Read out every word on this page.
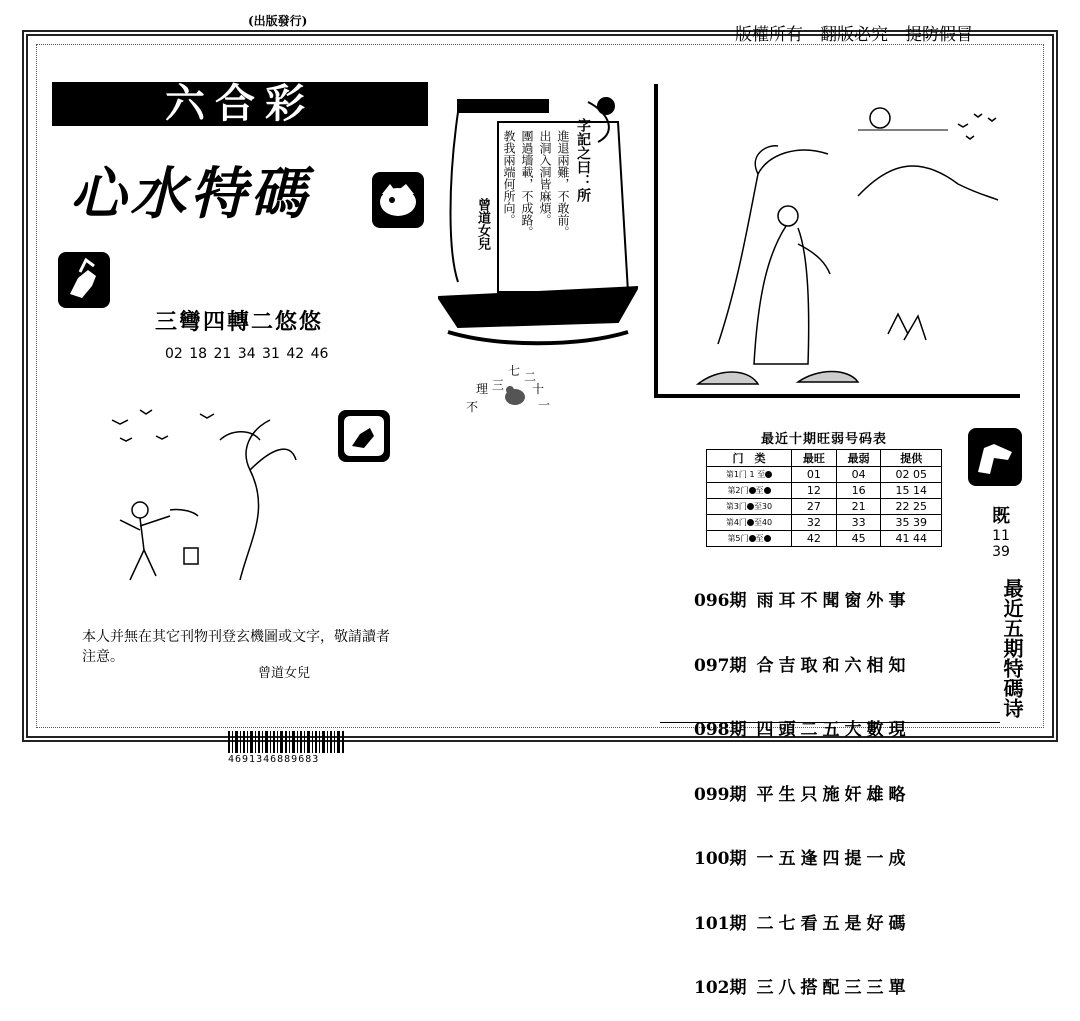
(出版發行)
版權所有　翻版必究　提防假冒
六合彩
心水特碼
三彎四轉二悠悠
02 18 21 34 31 42 46
本人并無在其它刊物刊登玄機圖或文字，敬請讀者注意。
曾道女兒
4691346889683
字記之曰：所
進退兩難，不敢前。
出洞入洞皆麻煩。
團過墻載，不成路。
教我兩端何所向。
曾道女兒
三
七 二
十
一
理
不
最近十期旺弱号码表
门　类	最旺	最弱	提供
第1门 1 至	01	04	02 05
第2门 至	12	16	15 14
第3门 至30	27	21	22 25
第4门 至40	32	33	35 39
第5门 至	42	45	41 44
既
11
39

096期 雨耳不聞窗外事

097期 合吉取和六相知

098期 四頭二五大數現

099期 平生只施奸雄略

100期 一五逢四提一成

101期 二七看五是好碼

102期 三八搭配三三單

最近五期特碼诗
